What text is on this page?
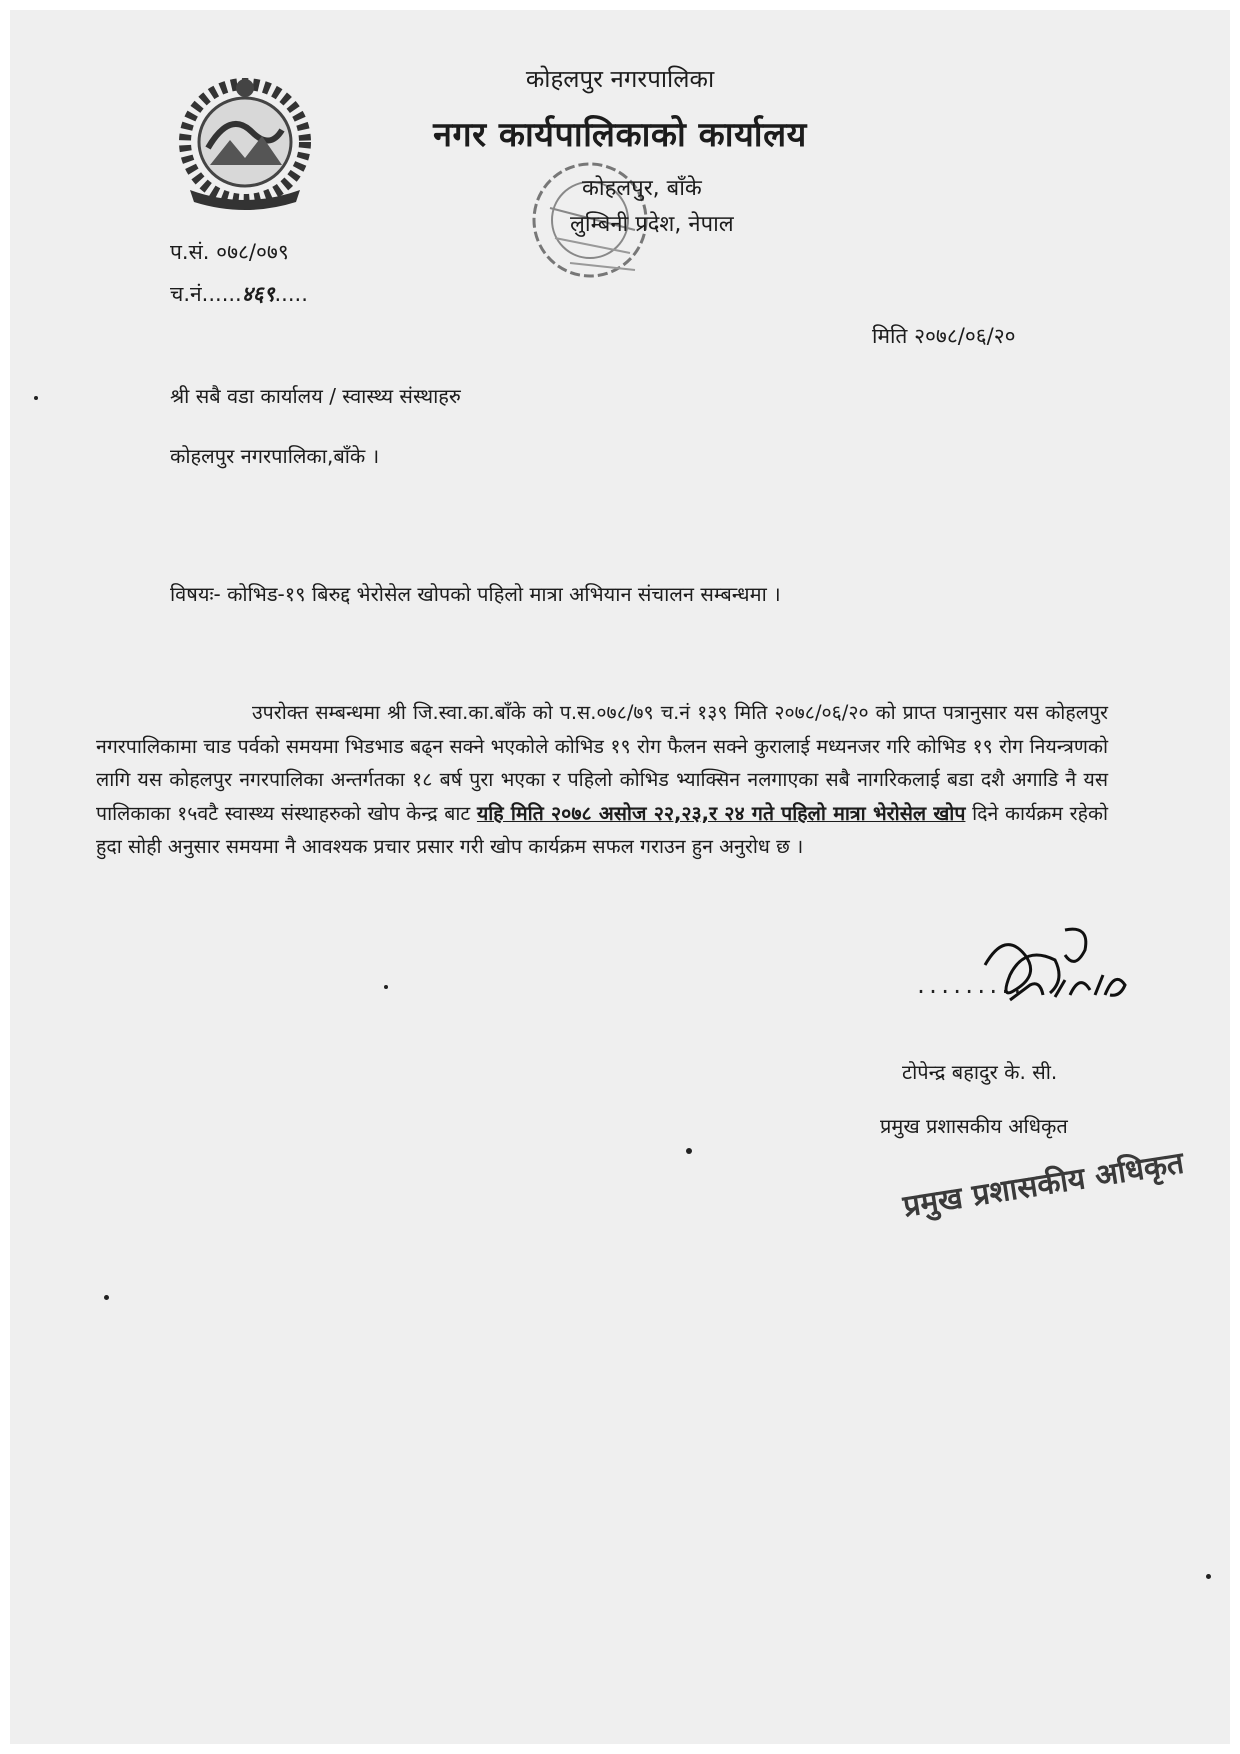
कोहलपुर नगरपालिका
नगर कार्यपालिकाको कार्यालय
कोहलपुर, बाँके
लुम्बिनी प्रदेश, नेपाल
प.सं. ०७८/०७९
च.नं......४६९.....
मिति २०७८/०६/२०
श्री सबै वडा कार्यालय / स्वास्थ्य संस्थाहरु
कोहलपुर नगरपालिका,बाँके ।
विषयः- कोभिड-१९ बिरुद्द भेरोसेल खोपको पहिलो मात्रा अभियान संचालन सम्बन्धमा ।
उपरोक्त सम्बन्धमा श्री जि.स्वा.का.बाँके को प.स.०७८/७९ च.नं १३९ मिति २०७८/०६/२० को प्राप्त पत्रानुसार यस कोहलपुर नगरपालिकामा चाड पर्वको समयमा भिडभाड बढ्न सक्ने भएकोले कोभिड १९ रोग फैलन सक्ने कुरालाई मध्यनजर गरि कोभिड १९ रोग नियन्त्रणको लागि यस कोहलपुर नगरपालिका अन्तर्गतका १८ बर्ष पुरा भएका र पहिलो कोभिड भ्याक्सिन नलगाएका सबै नागरिकलाई बडा दशै अगाडि नै यस पालिकाका १५वटै स्वास्थ्य संस्थाहरुको खोप केन्द्र बाट यहि मिति २०७८ असोज २२,२३,र २४ गते पहिलो मात्रा भेरोसेल खोप दिने कार्यक्रम रहेको हुदा सोही अनुसार समयमा नै आवश्यक प्रचार प्रसार गरी खोप कार्यक्रम सफल गराउन हुन अनुरोध छ ।
.........
टोपेन्द्र बहादुर के. सी.
प्रमुख प्रशासकीय अधिकृत
प्रमुख प्रशासकीय अधिकृत
